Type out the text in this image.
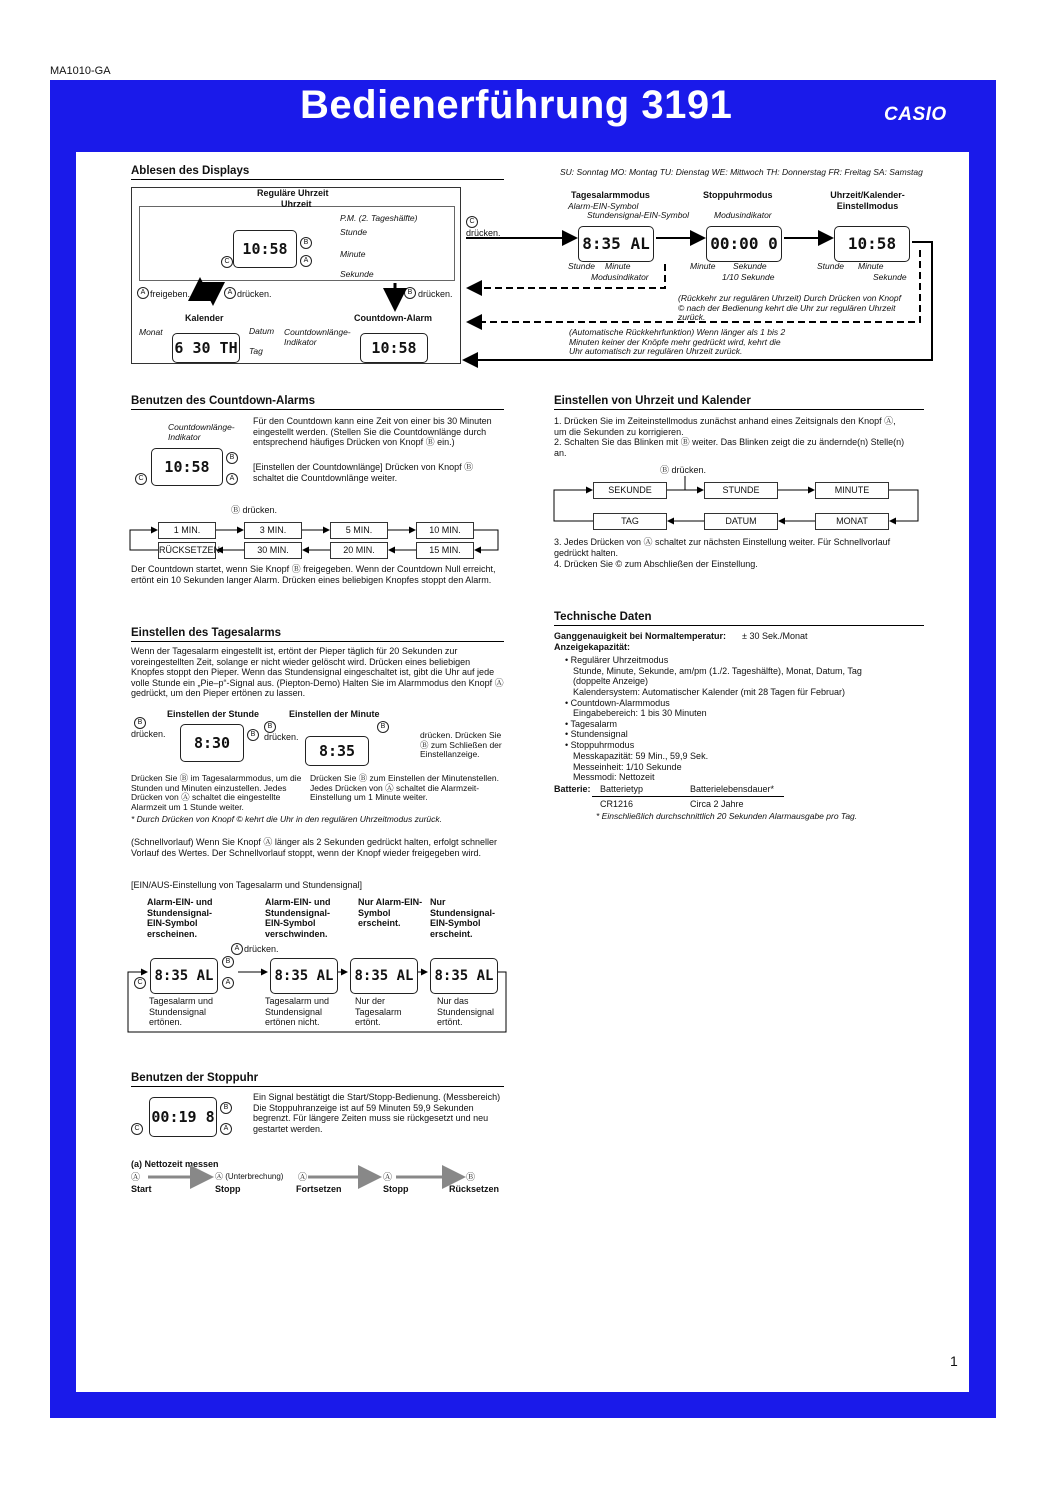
MA1010-GA
Bedienerführung 3191	CASIO
Ablesen des Displays
Reguläre Uhrzeit
Uhrzeit
10:58	B
A
C
P.M. (2. Tageshälfte)
Stunde
Minute
Sekunde
C
drücken.
A freigeben.	A drücken.	B drücken.
Kalender	Countdown-Alarm
Monat	Datum
Tag
6 30 TH
Countdownlänge-Indikator	10:58
SU: Sonntag MO: Montag TU: Dienstag WE: Mittwoch TH: Donnerstag FR: Freitag SA: Samstag
Tagesalarmmodus	Stoppuhrmodus	Uhrzeit/Kalender-Einstellmodus
Alarm-EIN-Symbol
Stundensignal-EIN-Symbol	Modusindikator
8:35 AL	00:00 0	10:58
Stunde Minute
Modusindikator
Minute Sekunde
1/10 Sekunde
Stunde Minute
Sekunde
(Rückkehr zur regulären Uhrzeit) Durch Drücken von Knopf © nach der Bedienung kehrt die Uhr zur regulären Uhrzeit zurück.
(Automatische Rückkehrfunktion) Wenn länger als 1 bis 2 Minuten keiner der Knöpfe mehr gedrückt wird, kehrt die Uhr automatisch zur regulären Uhrzeit zurück.
Benutzen des Countdown-Alarms
Countdownlänge-Indikator
10:58
B
A
C
Für den Countdown kann eine Zeit von einer bis 30 Minuten eingestellt werden. (Stellen Sie die Countdownlänge durch entsprechend häufiges Drücken von Knopf Ⓑ ein.)
[Einstellen der Countdownlänge] Drücken von Knopf Ⓑ schaltet die Countdownlänge weiter.
Ⓑ drücken.
1 MIN.	3 MIN.	5 MIN.	10 MIN.
RÜCKSETZEN	30 MIN.	20 MIN.	15 MIN.
Der Countdown startet, wenn Sie Knopf Ⓑ freigegeben. Wenn der Countdown Null erreicht, ertönt ein 10 Sekunden langer Alarm. Drücken eines beliebigen Knopfes stoppt den Alarm.
Einstellen des Tagesalarms
Wenn der Tagesalarm eingestellt ist, ertönt der Pieper täglich für 20 Sekunden zur voreingestellten Zeit, solange er nicht wieder gelöscht wird. Drücken eines beliebigen Knopfes stoppt den Pieper. Wenn das Stundensignal eingeschaltet ist, gibt die Uhr auf jede volle Stunde ein „Pie–p“-Signal aus. (Piepton-Demo) Halten Sie im Alarmmodus den Knopf Ⓐ gedrückt, um den Pieper ertönen zu lassen.
Einstellen der Stunde	Einstellen der Minute
B
drücken.	8:30	B
B
drücken.
8:35
B
drücken. Drücken Sie Ⓑ zum Schließen der Einstellanzeige.
Drücken Sie Ⓑ im Tagesalarmmodus, um die Stunden und Minuten einzustellen. Jedes Drücken von Ⓐ schaltet die eingestellte Alarmzeit um 1 Stunde weiter.
Drücken Sie Ⓑ zum Einstellen der Minutenstellen. Jedes Drücken von Ⓐ schaltet die Alarmzeit-Einstellung um 1 Minute weiter.
* Durch Drücken von Knopf © kehrt die Uhr in den regulären Uhrzeitmodus zurück.
(Schnellvorlauf) Wenn Sie Knopf Ⓐ länger als 2 Sekunden gedrückt halten, erfolgt schneller Vorlauf des Wertes. Der Schnellvorlauf stoppt, wenn der Knopf wieder freigegeben wird.
[EIN/AUS-Einstellung von Tagesalarm und Stundensignal]
Alarm-EIN- und Stundensignal-EIN-Symbol erscheinen.
Alarm-EIN- und Stundensignal-EIN-Symbol verschwinden.
Nur Alarm-EIN-Symbol erscheint.
Nur Stundensignal-EIN-Symbol erscheint.
A drücken.
8:35 AL
B
A
C	8:35 AL 8:35 AL 8:35 AL
Tagesalarm und Stundensignal ertönen.
Tagesalarm und Stundensignal ertönen nicht.
Nur der Tagesalarm ertönt.
Nur das Stundensignal ertönt.
Benutzen der Stoppuhr
00:19 8
B
A
C
Ein Signal bestätigt die Start/Stopp-Bedienung. (Messbereich) Die Stoppuhranzeige ist auf 59 Minuten 59,9 Sekunden begrenzt. Für längere Zeiten muss sie rückgesetzt und neu gestartet werden.
(a) Nettozeit messen
Ⓐ	Ⓐ (Unterbrechung) Ⓐ	Ⓐ	Ⓑ
Start	Stopp	Fortsetzen	Stopp	Rücksetzen
Einstellen von Uhrzeit und Kalender
1. Drücken Sie im Zeiteinstellmodus zunächst anhand eines Zeitsignals den Knopf Ⓐ, um die Sekunden zu korrigieren.
2. Schalten Sie das Blinken mit Ⓑ weiter. Das Blinken zeigt die zu ändernde(n) Stelle(n) an.
Ⓑ drücken.
SEKUNDE	STUNDE	MINUTE
TAG	DATUM	MONAT
3. Jedes Drücken von Ⓐ schaltet zur nächsten Einstellung weiter. Für Schnellvorlauf gedrückt halten.
4. Drücken Sie © zum Abschließen der Einstellung.
Technische Daten
Ganggenauigkeit bei Normaltemperatur: ± 30 Sek./Monat
Anzeigekapazität:
• Regulärer Uhrzeitmodus
Stunde, Minute, Sekunde, am/pm (1./2. Tageshälfte), Monat, Datum, Tag
(doppelte Anzeige)
Kalendersystem: Automatischer Kalender (mit 28 Tagen für Februar)
• Countdown-Alarmmodus
Eingabebereich: 1 bis 30 Minuten
• Tagesalarm
• Stundensignal
• Stoppuhrmodus
Messkapazität: 59 Min., 59,9 Sek.
Messeinheit: 1/10 Sekunde
Messmodi: Nettozeit
Batterie: Batterietyp	Batterielebensdauer*
CR1216	Circa 2 Jahre
* Einschließlich durchschnittlich 20 Sekunden Alarmausgabe pro Tag.
1
